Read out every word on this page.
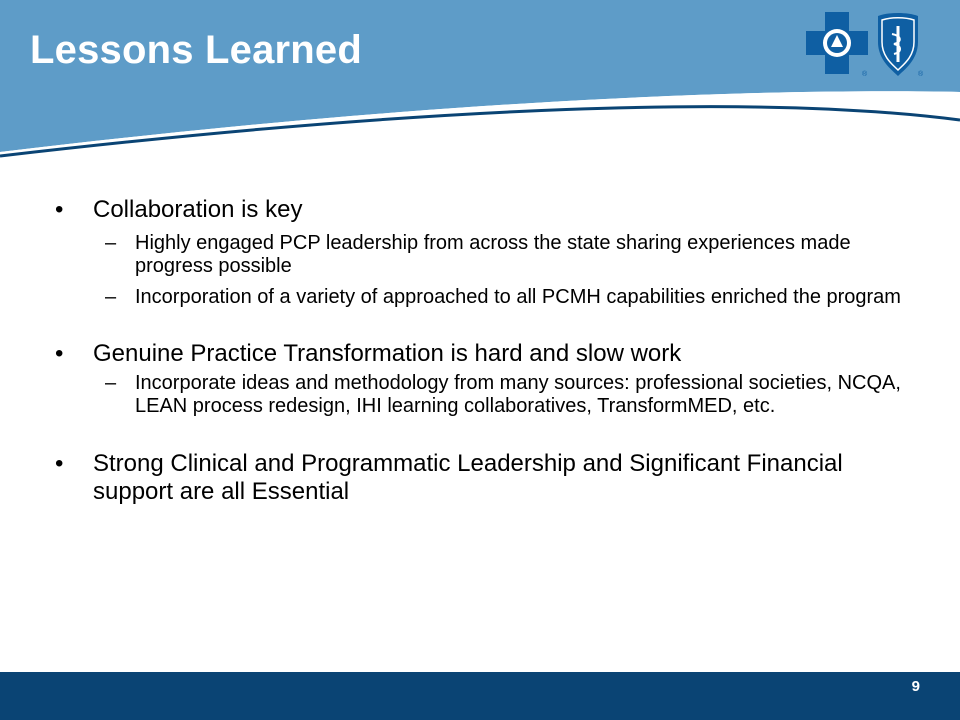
Lessons Learned
®	®

• Collaboration is key

– Highly engaged PCP leadership from across the state sharing experiences made progress possible

– Incorporation of a variety of approached to all PCMH capabilities enriched the program

• Genuine Practice Transformation is hard and slow work

– Incorporate ideas and methodology from many sources: professional societies, NCQA, LEAN process redesign, IHI learning collaboratives, TransformMED, etc.

• Strong Clinical and Programmatic Leadership and Significant Financial support are all Essential

9
